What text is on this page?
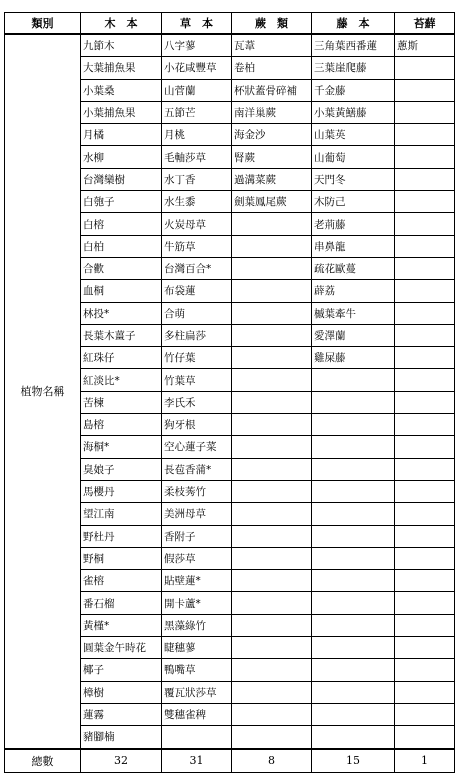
類別	木　本	草　本	蕨　類	藤　本	苔蘚
植物名稱	九節木	八字蓼	瓦葦	三角葉西番蓮	蔥斯
	大葉捕魚果	小花咸豐草	卷柏	三葉崖爬藤	
	小葉桑	山菅蘭	杯狀蓋骨碎補	千金藤	
	小葉捕魚果	五節芒	南洋巢蕨	小葉黃鱔藤	
	月橘	月桃	海金沙	山葉英	
	水柳	毛軸莎草	腎蕨	山葡萄	
	台灣欒樹	水丁香	過溝菜蕨	天門冬	
	白匏子	水生黍	劍葉鳳尾蕨	木防己	
	白榕	火炭母草		老荊藤	
	白柏	牛筋草		串鼻龍	
	合歡	台灣百合*		疏花歐蔓	
	血桐	布袋蓮		薜荔	
	林投*	合萌		槭葉牽牛	
	長葉木薑子	多柱扁莎		愛澤蘭	
	紅珠仔	竹仔葉		雞屎藤	
	紅淡比*	竹葉草			
	苦楝	李氏禾			
	島榕	狗牙根			
	海桐*	空心蓮子菜			
	臭娘子	長苞香蒲*			
	馬櫻丹	柔枝莠竹			
	望江南	美洲母草			
	野杜丹	香附子			
	野桐	假莎草			
	雀榕	貼壁蓮*			
	番石榴	開卡蘆*			
	黃槿*	黑藻綠竹			
	圓葉金午時花	睫穗蓼			
	椰子	鴨嘴草			
	樟樹	覆瓦狀莎草			
	蓮霧	雙穗雀稗			
	豬腳楠				
總數	32	31	8	15	1
